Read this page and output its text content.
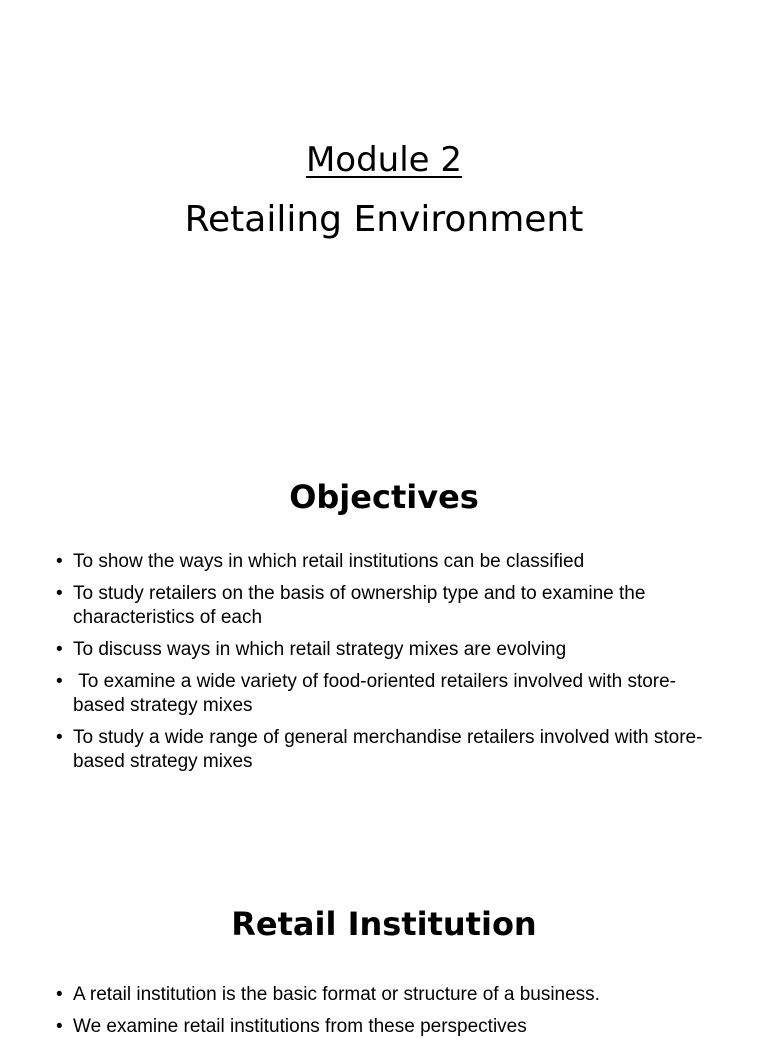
Module 2
Retailing Environment
Objectives
• To show the ways in which retail institutions can be classified
• To study retailers on the basis of ownership type and to examine the characteristics of each
• To discuss ways in which retail strategy mixes are evolving
• To examine a wide variety of food-oriented retailers involved with store-based strategy mixes
• To study a wide range of general merchandise retailers involved with store-based strategy mixes
Retail Institution
• A retail institution is the basic format or structure of a business.
• We examine retail institutions from these perspectives
